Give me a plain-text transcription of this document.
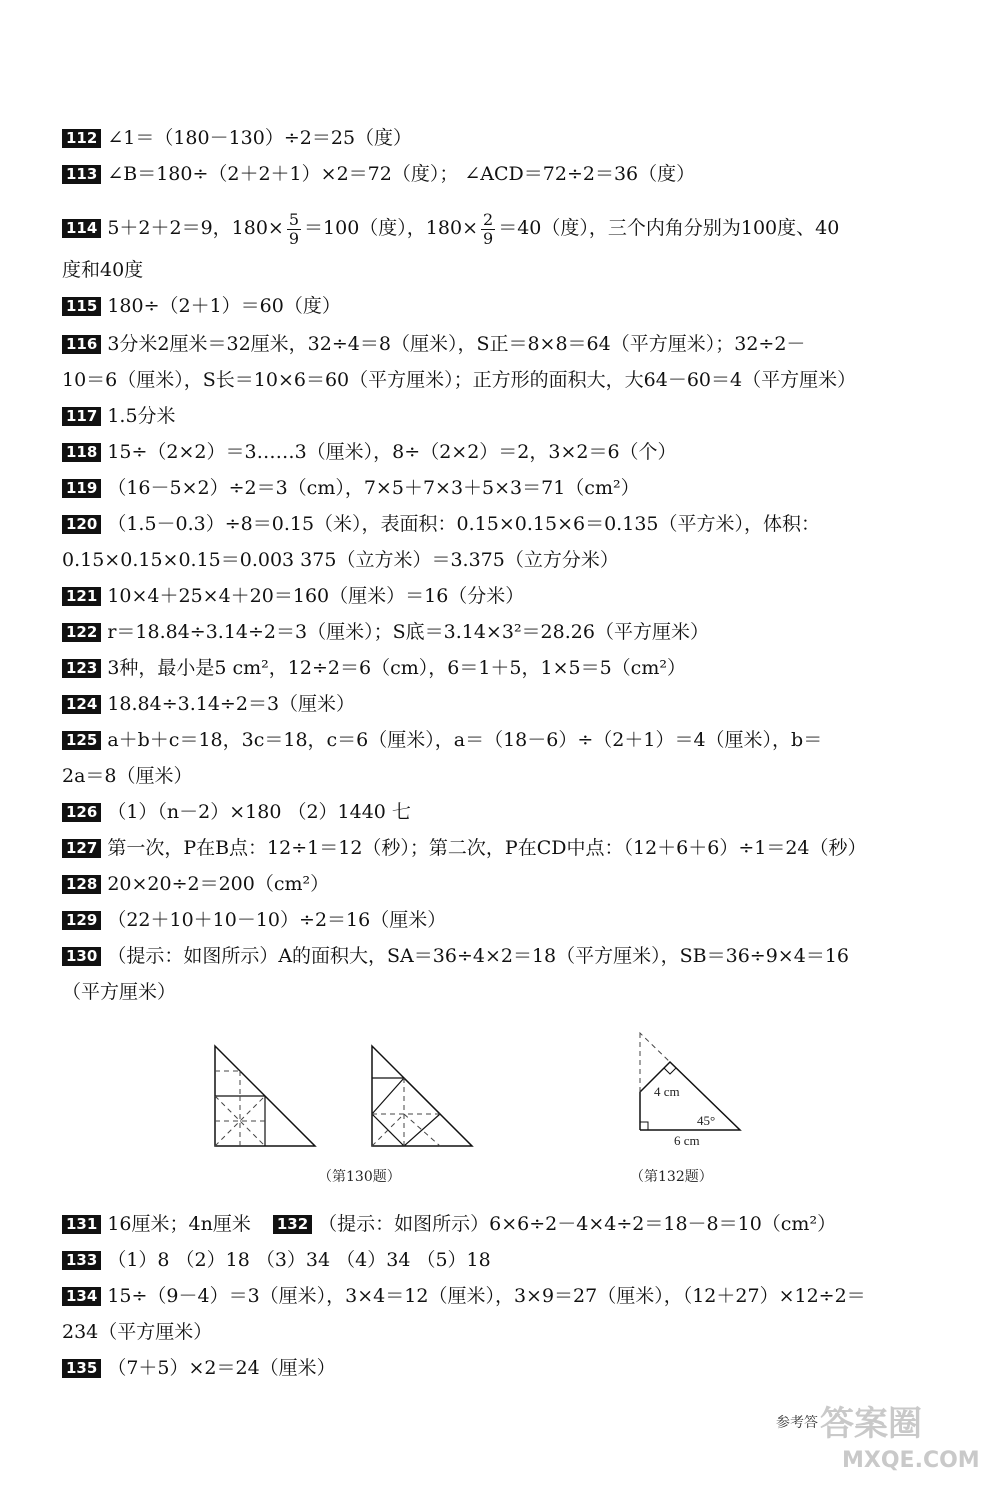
112 ∠1＝（180－130）÷2＝25（度）
113 ∠B＝180÷（2＋2＋1）×2＝72（度）； ∠ACD＝72÷2＝36（度）
114 5＋2＋2＝9，$180\times \frac{5}{9} =100$（度），$180\times \frac{2}{9} =40$（度），三个内角分别为100度、40
度和40度
115 180÷（2＋1）＝60（度）
116 3分米2厘米＝32厘米，32÷4＝8（厘米），S正＝8×8＝64（平方厘米）；32÷2－
10＝6（厘米），S长＝10×6＝60（平方厘米）；正方形的面积大，大64－60＝4（平方厘米）
117 1.5分米
118 15÷（2×2）＝3……3（厘米），8÷（2×2）＝2，3×2＝6（个）
119 （16－5×2）÷2＝3（cm），7×5＋7×3＋5×3＝71（cm²）
120 （1.5－0.3）÷8＝0.15（米），表面积：0.15×0.15×6＝0.135（平方米），体积：
0.15×0.15×0.15＝0.003 375（立方米）＝3.375（立方分米）
121 10×4＋25×4＋20＝160（厘米）＝16（分米）
122 r＝18.84÷3.14÷2＝3（厘米）；S底＝3.14×3²＝28.26（平方厘米）
123 3种，最小是5 cm²，12÷2＝6（cm），6＝1＋5，1×5＝5（cm²）
124 18.84÷3.14÷2＝3（厘米）
125 a＋b＋c＝18，3c＝18，c＝6（厘米），a＝（18－6）÷（2＋1）＝4（厘米），b＝
2a＝8（厘米）
126 （1）（n－2）×180 （2）1440 七
127 第一次，P在B点：12÷1＝12（秒）；第二次，P在CD中点：（12＋6＋6）÷1＝24（秒）
128 20×20÷2＝200（cm²）
129 （22＋10＋10－10）÷2＝16（厘米）
130 （提示：如图所示）A的面积大，SA＝36÷4×2＝18（平方厘米），SB＝36÷9×4＝16
（平方厘米）
（第130题）
4 cm
45°
6 cm
（第132题）
131 16厘米；4n厘米 132 （提示：如图所示）6×6÷2－4×4÷2＝18－8＝10（cm²）
133 （1）8 （2）18 （3）34 （4）34 （5）18
134 15÷（9－4）＝3（厘米），3×4＝12（厘米），3×9＝27（厘米），（12＋27）×12÷2＝
234（平方厘米）
135 （7＋5）×2＝24（厘米）
参考答 答案圈
MXQE.COM
